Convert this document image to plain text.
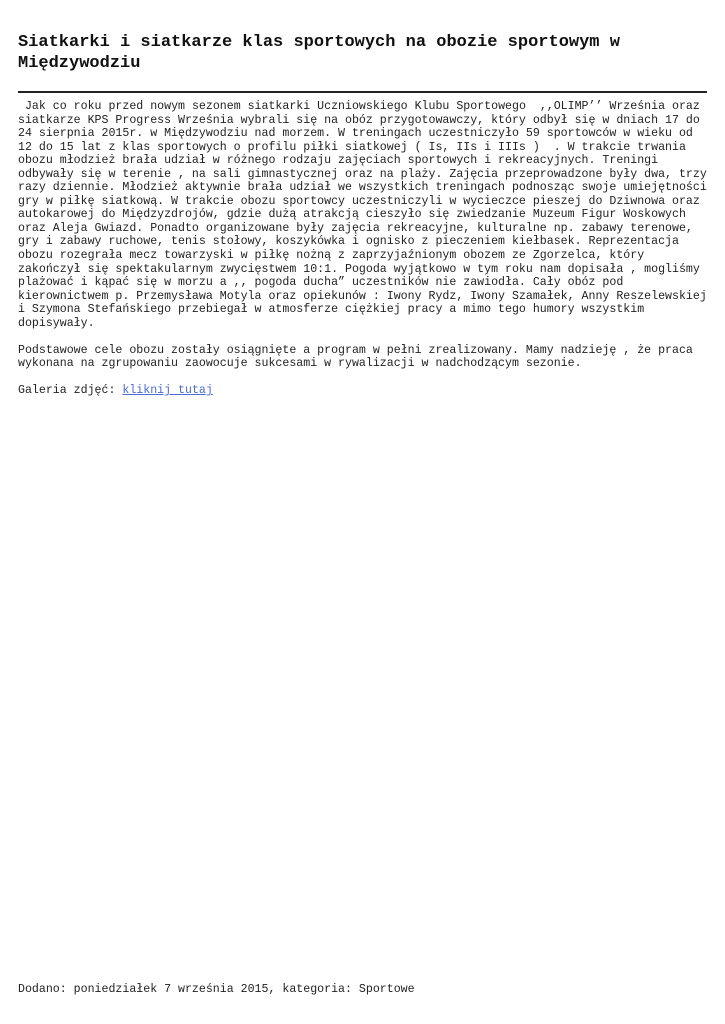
Siatkarki i siatkarze klas sportowych na obozie sportowym w Międzywodziu

Jak co roku przed nowym sezonem siatkarki Uczniowskiego Klubu Sportowego  ,,OLIMP’’ Września oraz siatkarze KPS Progress Września wybrali się na obóz przygotowawczy, który odbył się w dniach 17 do 24 sierpnia 2015r. w Międzywodziu nad morzem. W treningach uczestniczyło 59 sportowców w wieku od 12 do 15 lat z klas sportowych o profilu piłki siatkowej ( Is, IIs i IIIs )  . W trakcie trwania obozu młodzież brała udział w różnego rodzaju zajęciach sportowych i rekreacyjnych. Treningi odbywały się w terenie , na sali gimnastycznej oraz na plaży. Zajęcia przeprowadzone były dwa, trzy razy dziennie. Młodzież aktywnie brała udział we wszystkich treningach podnosząc swoje umiejętności gry w piłkę siatkową. W trakcie obozu sportowcy uczestniczyli w wycieczce pieszej do Dziwnowa oraz autokarowej do Międzyzdrojów, gdzie dużą atrakcją cieszyło się zwiedzanie Muzeum Figur Woskowych oraz Aleja Gwiazd. Ponadto organizowane były zajęcia rekreacyjne, kulturalne np. zabawy terenowe, gry i zabawy ruchowe, tenis stołowy, koszykówka i ognisko z pieczeniem kiełbasek. Reprezentacja obozu rozegrała mecz towarzyski w piłkę nożną z zaprzyjaźnionym obozem ze Zgorzelca, który zakończył się spektakularnym zwycięstwem 10:1. Pogoda wyjątkowo w tym roku nam dopisała , mogliśmy plażować i kąpać się w morzu a ,, pogoda ducha” uczestników nie zawiodła. Cały obóz pod kierownictwem p. Przemysława Motyla oraz opiekunów : Iwony Rydz, Iwony Szamałek, Anny Reszelewskiej i Szymona Stefańskiego przebiegał w atmosferze ciężkiej pracy a mimo tego humory wszystkim dopisywały.

Podstawowe cele obozu zostały osiągnięte a program w pełni zrealizowany. Mamy nadzieję , że praca wykonana na zgrupowaniu zaowocuje sukcesami w rywalizacji w nadchodzącym sezonie.

Galeria zdjęć: kliknij tutaj

Dodano: poniedziałek 7 września 2015, kategoria: Sportowe
